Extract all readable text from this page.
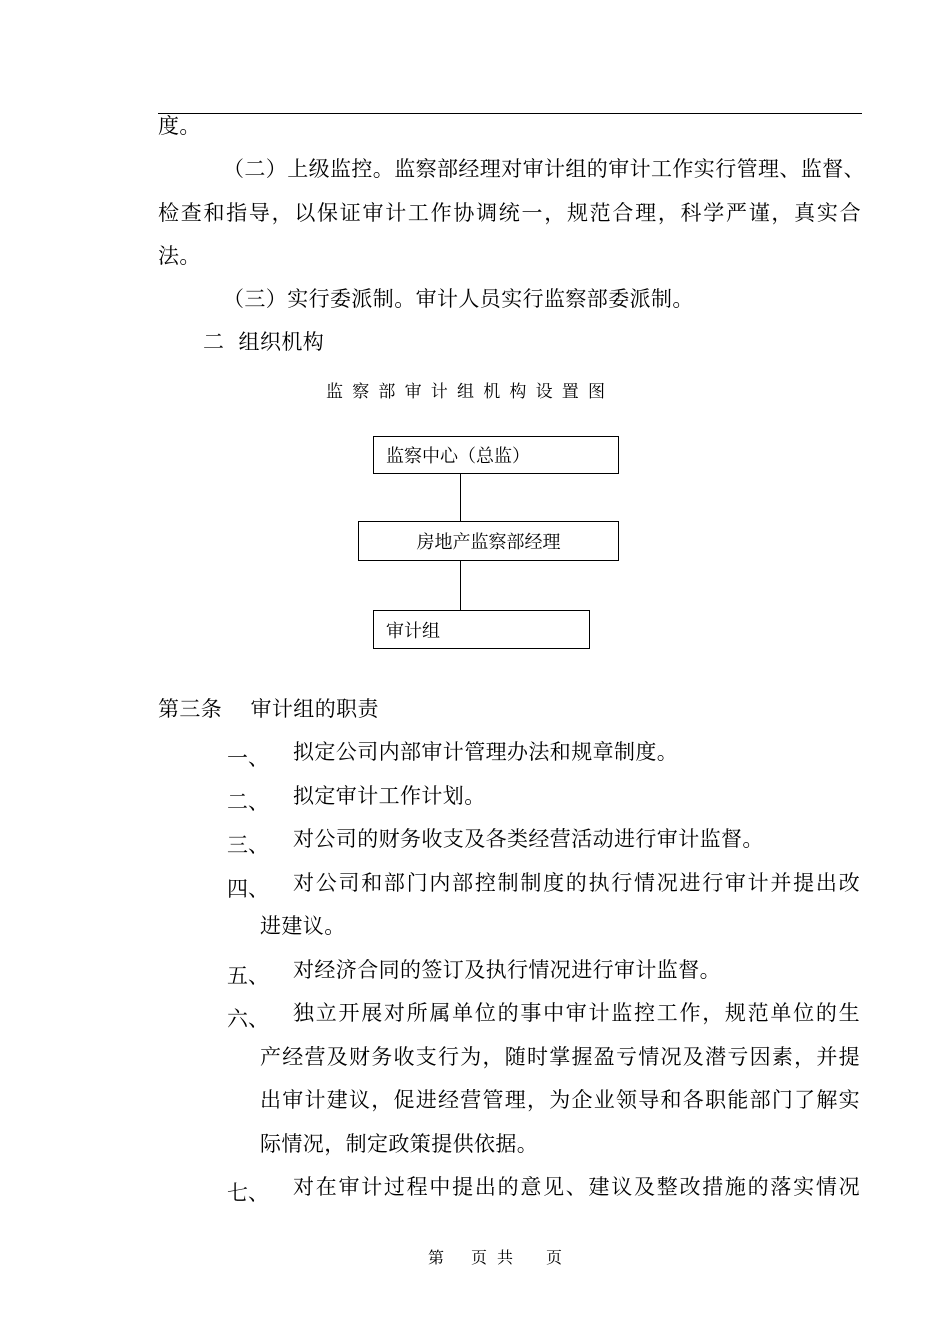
度。
（二）上级监控。监察部经理对审计组的审计工作实行管理、监督、
检查和指导，以保证审计工作协调统一，规范合理，科学严谨，真实合
法。
（三）实行委派制。审计人员实行监察部委派制。
二  组织机构
监察部审计组机构设置图
监察中心（总监）
房地产监察部经理
审计组
第三条    审计组的职责
一、 拟定公司内部审计管理办法和规章制度。
二、 拟定审计工作计划。
三、 对公司的财务收支及各类经营活动进行审计监督。
四、 对公司和部门内部控制制度的执行情况进行审计并提出改
进建议。
五、 对经济合同的签订及执行情况进行审计监督。
六、 独立开展对所属单位的事中审计监控工作，规范单位的生
产经营及财务收支行为，随时掌握盈亏情况及潜亏因素，并提
出审计建议，促进经营管理，为企业领导和各职能部门了解实
际情况，制定政策提供依据。
七、 对在审计过程中提出的意见、建议及整改措施的落实情况
第 页共 页
